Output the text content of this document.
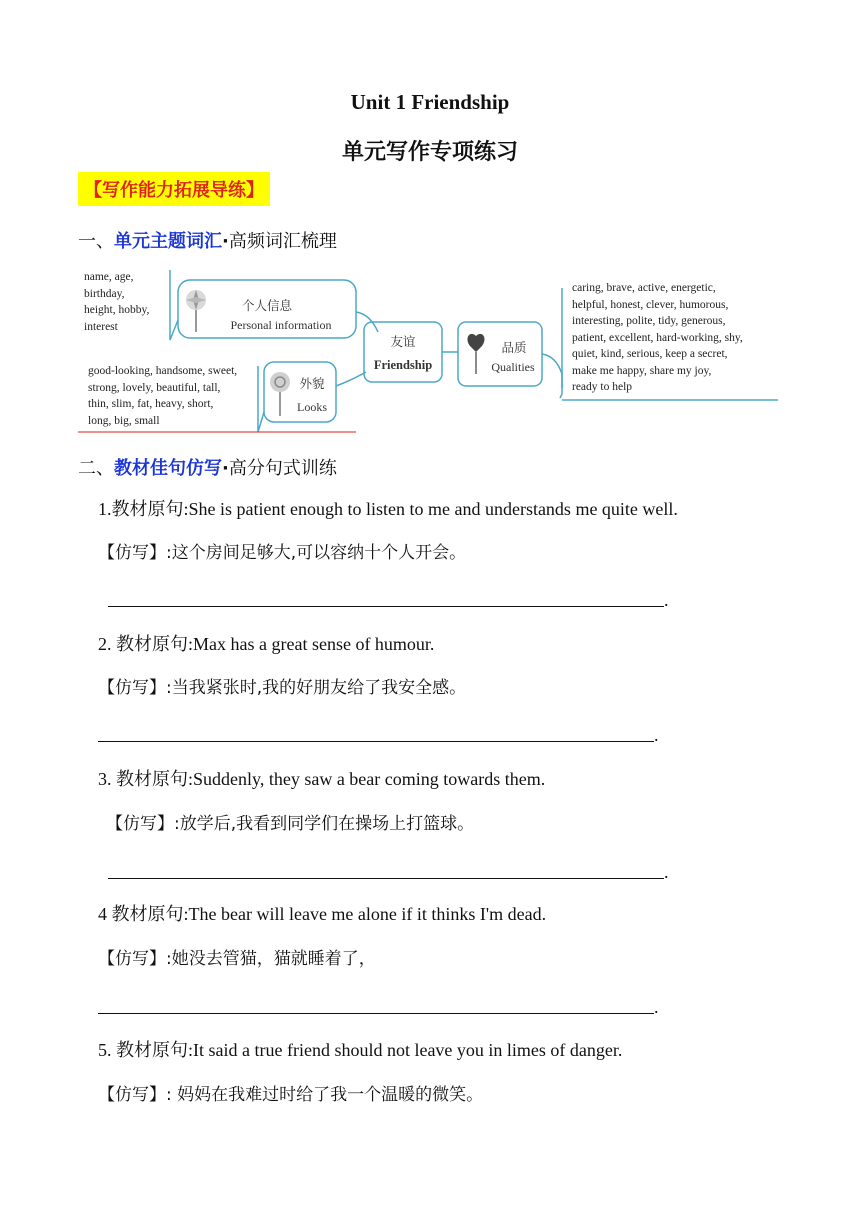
Unit 1 Friendship
单元写作专项练习
【写作能力拓展导练】
一、单元主题词汇·高频词汇梳理
name, age,
birthday,
height, hobby,
interest
个人信息
Personal information
友谊
Friendship
good-looking, handsome, sweet,
strong, lovely, beautiful, tall,
thin, slim, fat, heavy, short,
long, big, small
外貌
Looks
品质
Qualities
caring, brave, active, energetic,
helpful, honest, clever, humorous,
interesting, polite, tidy, generous,
patient, excellent, hard-working, shy,
quiet, kind, serious, keep a secret,
make me happy, share my joy,
ready to help
二、教材佳句仿写·高分句式训练
1.教材原句:She is patient enough to listen to me and understands me quite well.
【仿写】:这个房间足够大,可以容纳十个人开会。
.
2. 教材原句:Max has a great sense of humour.
【仿写】:当我紧张时,我的好朋友给了我安全感。
.
3. 教材原句:Suddenly, they saw a bear coming towards them.
【仿写】:放学后,我看到同学们在操场上打篮球。
.
4 教材原句:The bear will leave me alone if it thinks I'm dead.
【仿写】:她没去管猫，猫就睡着了，
.
5. 教材原句:It said a true friend should not leave you in limes of danger.
【仿写】: 妈妈在我难过时给了我一个温暖的微笑。
